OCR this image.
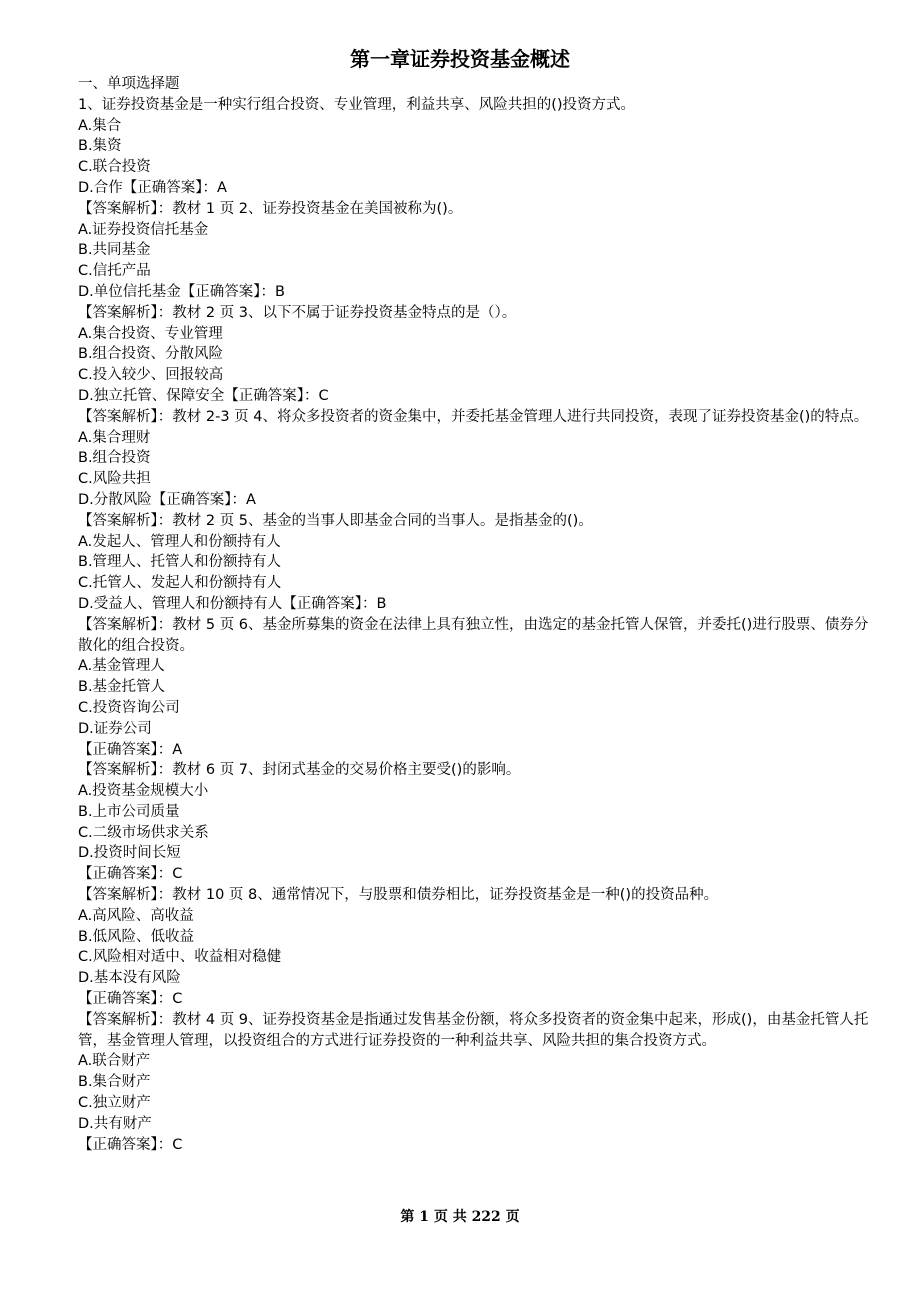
第一章证券投资基金概述
一、单项选择题
1、证券投资基金是一种实行组合投资、专业管理，利益共享、风险共担的()投资方式。
A.集合
B.集资
C.联合投资
D.合作【正确答案】：A
【答案解析】：教材 1 页 2、证券投资基金在美国被称为()。
A.证券投资信托基金
B.共同基金
C.信托产品
D.单位信托基金【正确答案】：B
【答案解析】：教材 2 页 3、以下不属于证券投资基金特点的是（）。
A.集合投资、专业管理
B.组合投资、分散风险
C.投入较少、回报较高
D.独立托管、保障安全【正确答案】：C
【答案解析】：教材 2-3 页 4、将众多投资者的资金集中，并委托基金管理人进行共同投资，表现了证券投资基金()的特点。
A.集合理财
B.组合投资
C.风险共担
D.分散风险【正确答案】：A
【答案解析】：教材 2 页 5、基金的当事人即基金合同的当事人。是指基金的()。
A.发起人、管理人和份额持有人
B.管理人、托管人和份额持有人
C.托管人、发起人和份额持有人
D.受益人、管理人和份额持有人【正确答案】：B
【答案解析】：教材 5 页 6、基金所募集的资金在法律上具有独立性，由选定的基金托管人保管，并委托()进行股票、债券分散化的组合投资。
A.基金管理人
B.基金托管人
C.投资咨询公司
D.证券公司
【正确答案】：A
【答案解析】：教材 6 页 7、封闭式基金的交易价格主要受()的影响。
A.投资基金规模大小
B.上市公司质量
C.二级市场供求关系
D.投资时间长短
【正确答案】：C
【答案解析】：教材 10 页 8、通常情况下，与股票和债券相比，证券投资基金是一种()的投资品种。
A.高风险、高收益
B.低风险、低收益
C.风险相对适中、收益相对稳健
D.基本没有风险
【正确答案】：C
【答案解析】：教材 4 页 9、证券投资基金是指通过发售基金份额，将众多投资者的资金集中起来，形成()，由基金托管人托管，基金管理人管理，以投资组合的方式进行证券投资的一种利益共享、风险共担的集合投资方式。
A.联合财产
B.集合财产
C.独立财产
D.共有财产
【正确答案】：C
第 1 页 共 222 页
